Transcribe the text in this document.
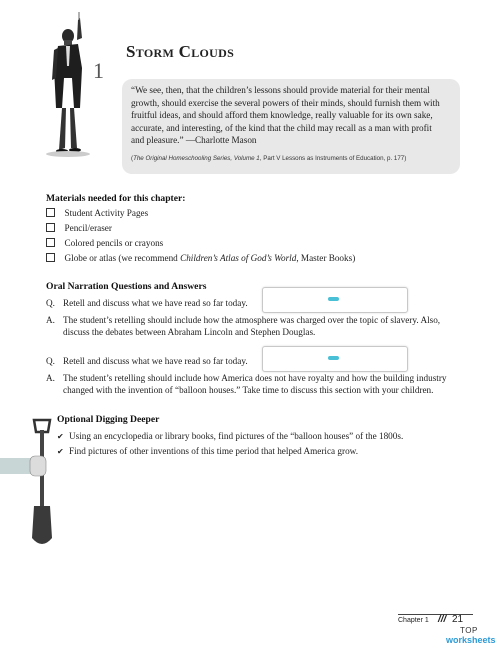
1
Storm Clouds
“We see, then, that the children’s lessons should provide material for their mental
growth, should exercise the several powers of their minds, should furnish them with
fruitful ideas, and should afford them knowledge, really valuable for its own sake,
accurate, and interesting, of the kind that the child may recall as a man with profit
and pleasure.” —Charlotte Mason
(The Original Homeschooling Series, Volume 1, Part V Lessons as Instruments of Education, p. 177)
Materials needed for this chapter:
Student Activity Pages
Pencil/eraser
Colored pencils or crayons
Globe or atlas (we recommend Children’s Atlas of God’s World, Master Books)
Oral Narration Questions and Answers
Q. Retell and discuss what we have read so far today.
A. The student’s retelling should include how the atmosphere was charged over the topic of slavery. Also,
discuss the debates between Abraham Lincoln and Stephen Douglas.
Q. Retell and discuss what we have read so far today.
A. The student’s retelling should include how America does not have royalty and how the building industry
changed with the invention of “balloon houses.” Take time to discuss this section with your children.
Optional Digging Deeper
✔ Using an encyclopedia or library books, find pictures of the “balloon houses” of the 1800s.
✔ Find pictures of other inventions of this time period that helped America grow.
Chapter 1 /// 21
TOP
worksheets
